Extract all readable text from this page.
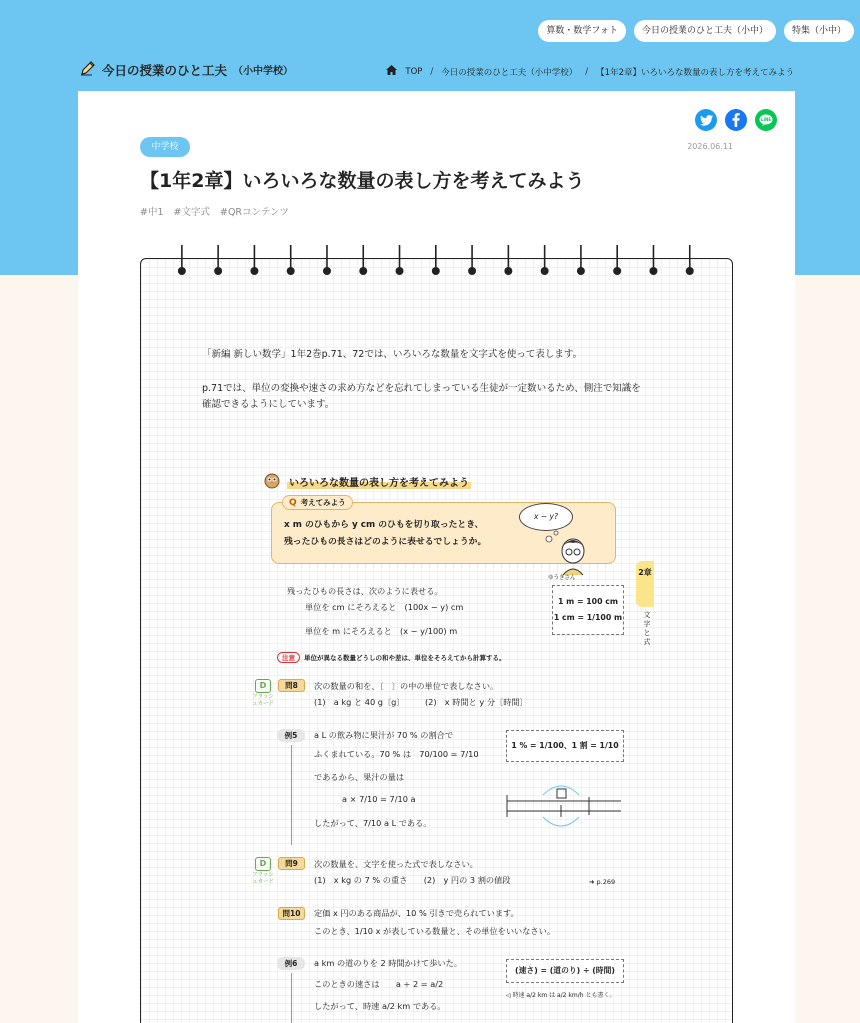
算数・数学フォト	今日の授業のひと工夫（小中）	特集（小中）
今日の授業のひと工夫 （小中学校）	TOP / 今日の授業のひと工夫（小中学校） / 【1年2章】いろいろな数量の表し方を考えてみよう
LINE
中学校	2026.06.11
【1年2章】いろいろな数量の表し方を考えてみよう
#中1 #文字式 #QRコンテンツ
「新編 新しい数学」1年2巻p.71、72では、いろいろな数量を文字式を使って表します。
p.71では、単位の変換や速さの求め方などを忘れてしまっている生徒が一定数いるため、側注で知識を
確認できるようにしています。
いろいろな数量の表し方を考えてみよう
Q 考えてみよう
x m のひもから y cm のひもを切り取ったとき、
残ったひもの長さはどのように表せるでしょうか。
x − y?
ゆうきさん
残ったひもの長さは、次のように表せる。
単位を cm にそろえると　(100x − y) cm
単位を m にそろえると　(x − y/100) m
1 m = 100 cm
1 cm = 1/100 m
2章
文字と式
注意 単位が異なる数量どうしの和や差は、単位をそろえてから計算する。
D
フラッシュカード
問8	次の数量の和を、〔　〕の中の単位で表しなさい。
(1)　a kg と 40 g〔g〕　　　(2)　x 時間と y 分〔時間〕
例5	a L の飲み物に果汁が 70 % の割合で
ふくまれている。70 % は　70/100 = 7/10
であるから、果汁の量は
a × 7/10 = 7/10 a
したがって、7/10 a L である。
1 % = 1/100、1 割 = 1/10
D
フラッシュカード
問9	次の数量を、文字を使った式で表しなさい。
(1)　x kg の 7 % の重さ　　(2)　y 円の 3 割の値段	➜ p.269
問10	定価 x 円のある商品が、10 % 引きで売られています。
このとき、1/10 x が表している数量と、その単位をいいなさい。
例6	a km の道のりを 2 時間かけて歩いた。
このときの速さは　　a ÷ 2 = a/2
したがって、時速 a/2 km である。
(速さ) = (道のり) ÷ (時間)
◁ 時速 a/2 km は a/2 km/h とも書く。
